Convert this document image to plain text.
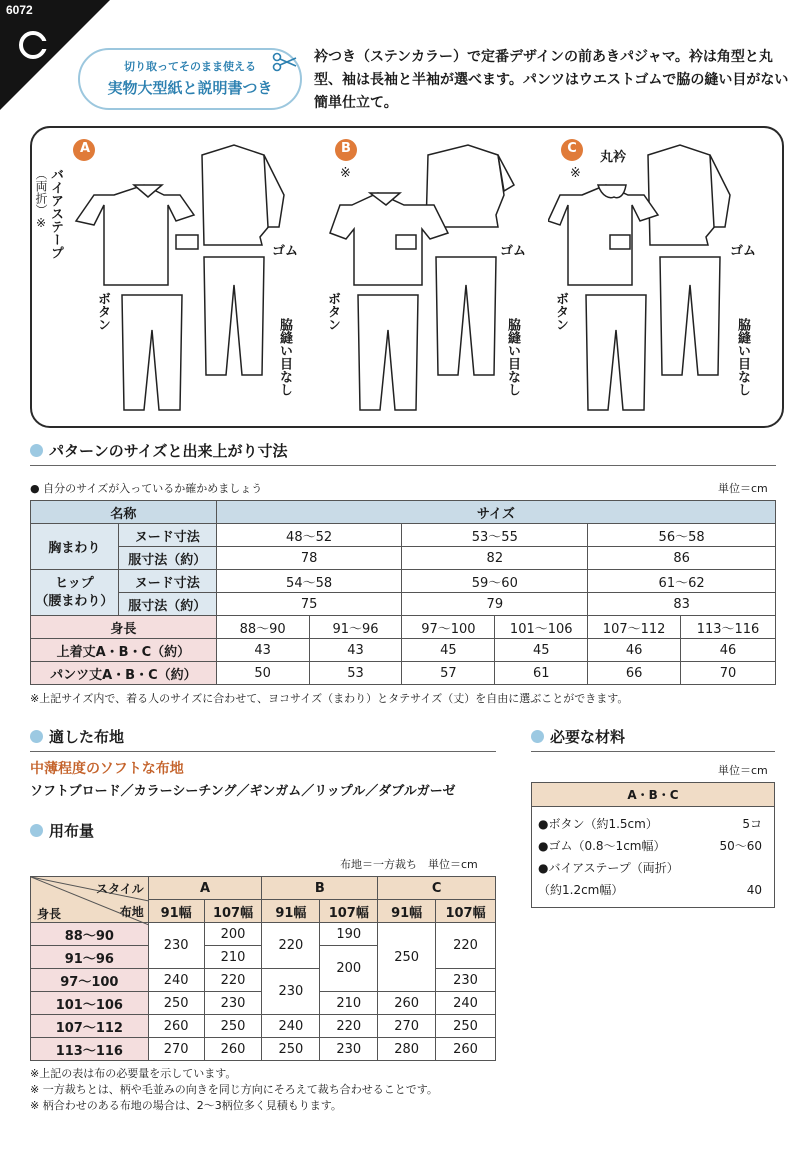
6072
切り取ってそのまま使える
実物大型紙と説明書つき
衿つき（ステンカラー）で定番デザインの前あきパジャマ。衿は角型と丸型、袖は長袖と半袖が選べます。パンツはウエストゴムで脇の縫い目がない簡単仕立て。
A
バイアステープ
（両折）※
ボタン
ゴム
脇縫い目なし
B
※
ボタン
ゴム
脇縫い目なし
C
丸衿
※
ボタン
ゴム
脇縫い目なし
パターンのサイズと出来上がり寸法
● 自分のサイズが入っているか確かめましょう	単位＝cm
名称		サイズ					
胸まわり	ヌード寸法	48〜52		53〜55		56〜58	
	服寸法（約）	78		82		86	

ヒップ
（腰まわり）	ヌード寸法	54〜58		59〜60		61〜62	
	服寸法（約）	75		79		83	
身長		88〜90	91〜96	97〜100	101〜106	107〜112	113〜116
上着丈A・B・C（約）		43	43	45	45	46	46
パンツ丈A・B・C（約）		50	53	57	61	66	70
※上記サイズ内で、着る人のサイズに合わせて、ヨコサイズ（まわり）とタテサイズ（丈）を自由に選ぶことができます。
適した布地
中薄程度のソフトな布地
ソフトブロード／カラーシーチング／ギンガム／リップル／ダブルガーゼ
用布量
布地＝一方裁ち　単位＝cm
スタイル
布地
身長	A		B		C	
	91幅	107幅	91幅	107幅	91幅	107幅
88〜90	230	200	220	190	250	220
91〜96		210		200		
97〜100	240	220	230			230
101〜106	250	230		210	260	240
107〜112	260	250	240	220	270	250
113〜116	270	260	250	230	280	260
※上記の表は布の必要量を示しています。
※ 一方裁ちとは、柄や毛並みの向きを同じ方向にそろえて裁ち合わせることです。
※ 柄合わせのある布地の場合は、2〜3柄位多く見積もります。
必要な材料
単位＝cm
A・B・C
●ボタン（約1.5cm）	5コ
●ゴム（0.8〜1cm幅）	50〜60
●バイアステープ（両折）
（約1.2cm幅）	40
